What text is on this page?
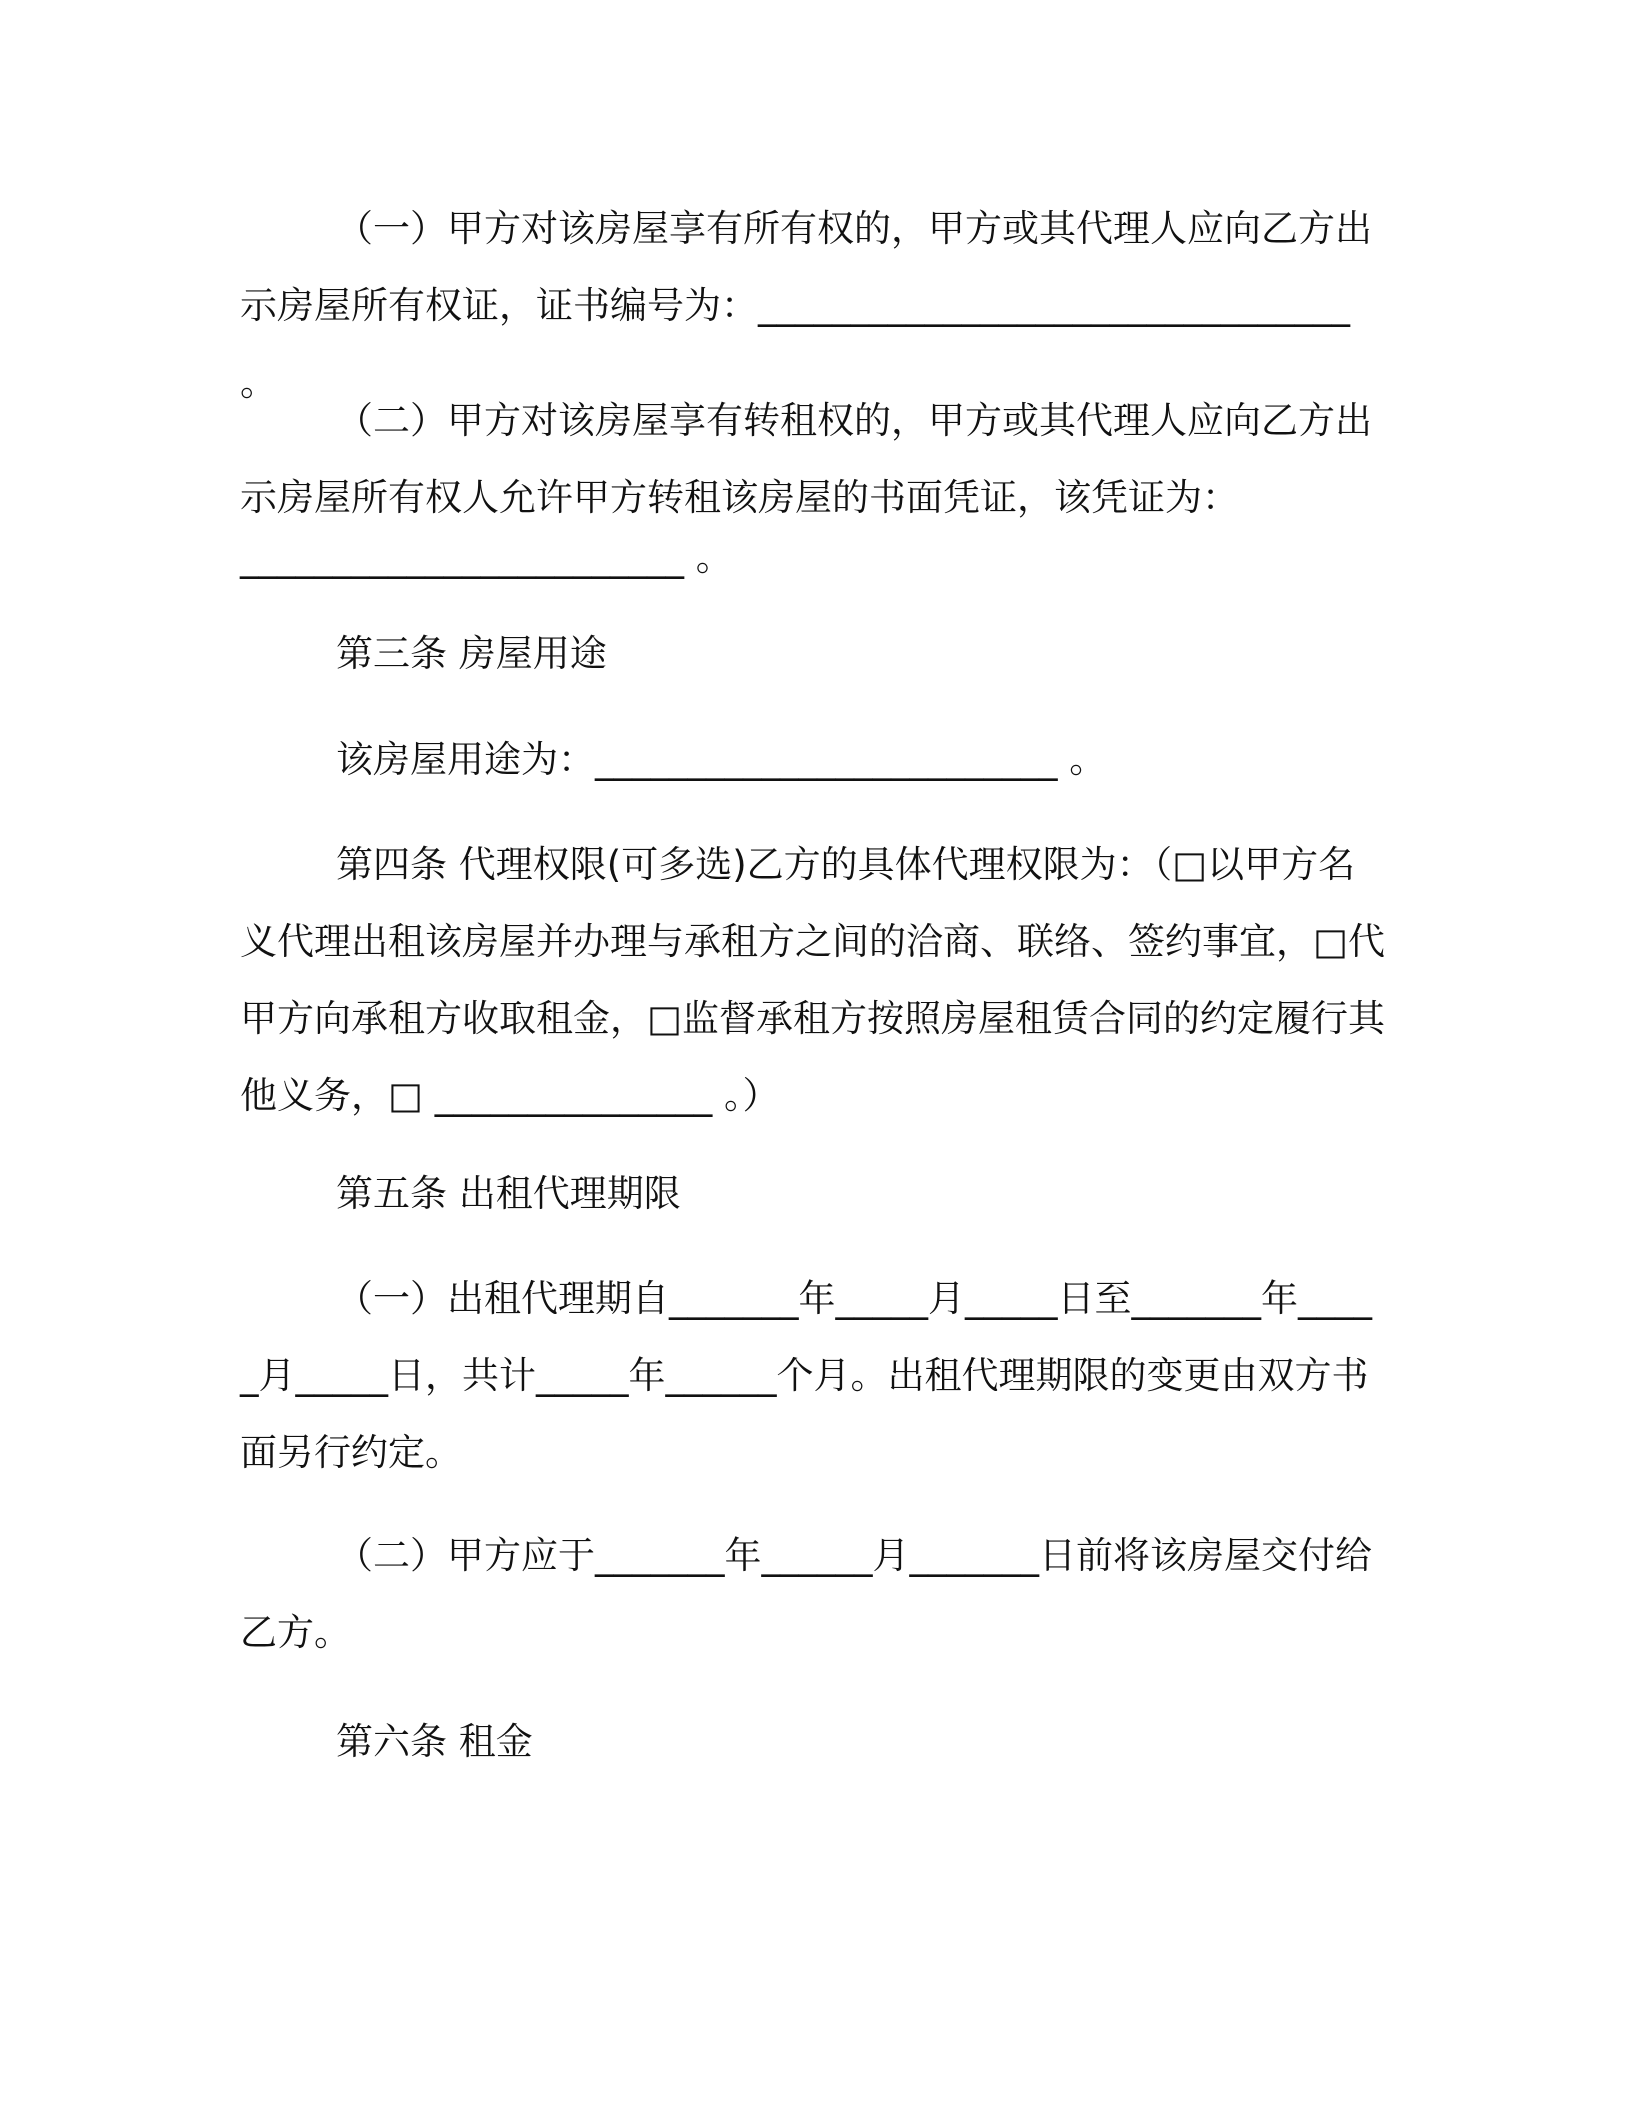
（一）甲方对该房屋享有所有权的，甲方或其代理人应向乙方出示房屋所有权证，证书编号为：________________________________ 。

（二）甲方对该房屋享有转租权的，甲方或其代理人应向乙方出示房屋所有权人允许甲方转租该房屋的书面凭证，该凭证为：

________________________ 。

第三条 房屋用途

该房屋用途为：_________________________ 。

第四条 代理权限(可多选)乙方的具体代理权限为：（□以甲方名义代理出租该房屋并办理与承租方之间的洽商、联络、签约事宜，□代甲方向承租方收取租金，□监督承租方按照房屋租赁合同的约定履行其他义务，□ _______________ 。）

第五条 出租代理期限

（一）出租代理期自_______年_____月_____日至_______年_____月_____日，共计_____年______个月。出租代理期限的变更由双方书面另行约定。

（二）甲方应于_______年______月_______日前将该房屋交付给乙方。

第六条 租金
